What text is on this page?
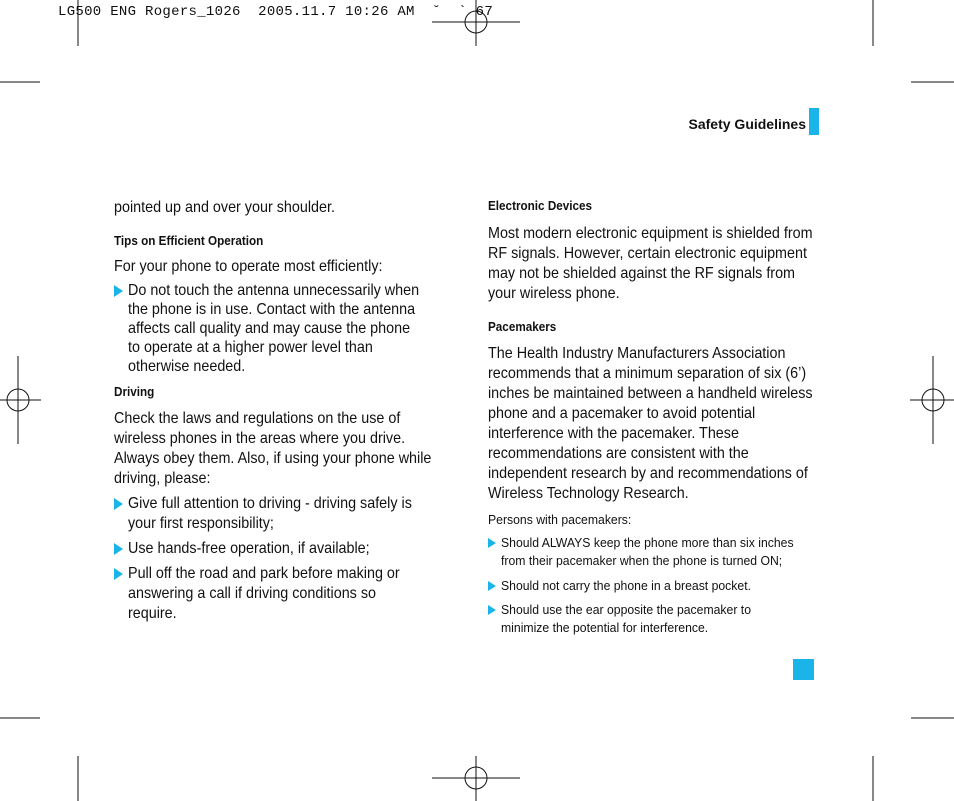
LG500 ENG Rogers_1026  2005.11.7 10:26 AM  ˘  ` 67
Safety Guidelines

pointed up and over your shoulder.

Tips on Efficient Operation

For your phone to operate most efficiently:

Do not touch the antenna unnecessarily when the phone is in use. Contact with the antenna affects call quality and may cause the phone to operate at a higher power level than otherwise needed.

Driving

Check the laws and regulations on the use of wireless phones in the areas where you drive. Always obey them. Also, if using your phone while driving, please:

Give full attention to driving - driving safely is your first responsibility;

Use hands-free operation, if available;

Pull off the road and park before making or answering a call if driving conditions so require.

Electronic Devices

Most modern electronic equipment is shielded from RF signals. However, certain electronic equipment may not be shielded against the RF signals from your wireless phone.

Pacemakers

The Health Industry Manufacturers Association recommends that a minimum separation of six (6’) inches be maintained between a handheld wireless phone and a pacemaker to avoid potential interference with the pacemaker. These recommendations are consistent with the independent research by and recommendations of Wireless Technology Research.

Persons with pacemakers:

Should ALWAYS keep the phone more than six inches from their pacemaker when the phone is turned ON;

Should not carry the phone in a breast pocket.

Should use the ear opposite the pacemaker to minimize the potential for interference.
